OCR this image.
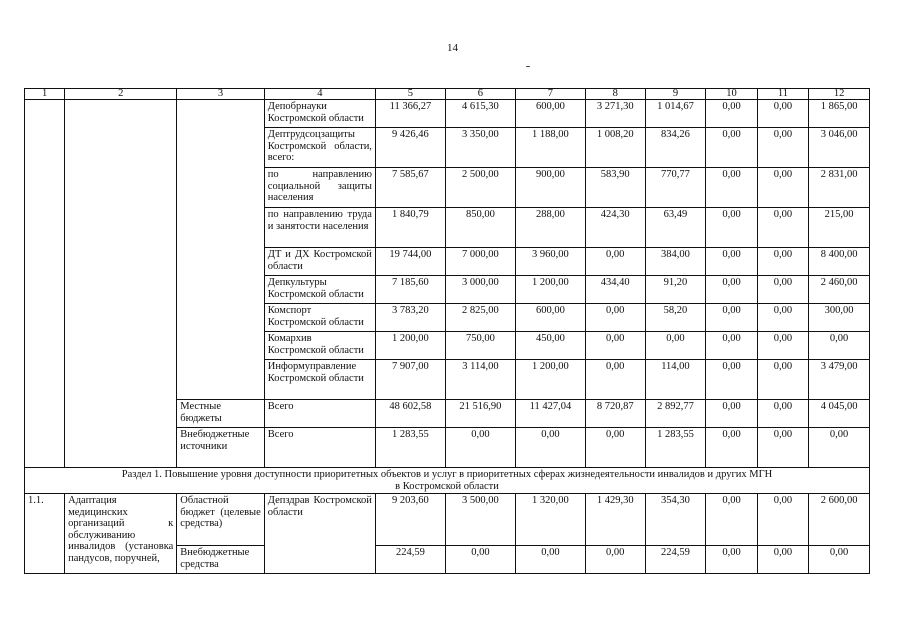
14
1	2	3	4	5	6	7	8	9	10	11	12
			Депобрнауки Костромской области	11 366,27	4 615,30	600,00	3 271,30	1 014,67	0,00	0,00	1 865,00
			Дептрудсоцзащиты Костромской области, всего:	9 426,46	3 350,00	1 188,00	1 008,20	834,26	0,00	0,00	3 046,00
			по направлению социальной защиты населения	7 585,67	2 500,00	900,00	583,90	770,77	0,00	0,00	2 831,00
			по направлению труда и занятости населения	1 840,79	850,00	288,00	424,30	63,49	0,00	0,00	215,00
			ДТ и ДХ Костромской области	19 744,00	7 000,00	3 960,00	0,00	384,00	0,00	0,00	8 400,00
			Депкультуры Костромской области	7 185,60	3 000,00	1 200,00	434,40	91,20	0,00	0,00	2 460,00
			Комспорт Костромской области	3 783,20	2 825,00	600,00	0,00	58,20	0,00	0,00	300,00
			Комархив Костромской области	1 200,00	750,00	450,00	0,00	0,00	0,00	0,00	0,00
			Информуправление Костромской области	7 907,00	3 114,00	1 200,00	0,00	114,00	0,00	0,00	3 479,00
		Местные бюджеты	Всего	48 602,58	21 516,90	11 427,04	8 720,87	2 892,77	0,00	0,00	4 045,00
		Внебюджетные источники	Всего	1 283,55	0,00	0,00	0,00	1 283,55	0,00	0,00	0,00

Раздел 1. Повышение уровня доступности приоритетных объектов и услуг в приоритетных сферах жизнедеятельности инвалидов и других МГН
в Костромской области											

1.1.	Адаптация медицинских организаций к обслуживанию инвалидов (установка пандусов, поручней,	Областной бюджет (целевые средства)	Депздрав Костромской области	9 203,60	3 500,00	1 320,00	1 429,30	354,30	0,00	0,00	2 600,00
		Внебюджетные средства		224,59	0,00	0,00	0,00	224,59	0,00	0,00	0,00
